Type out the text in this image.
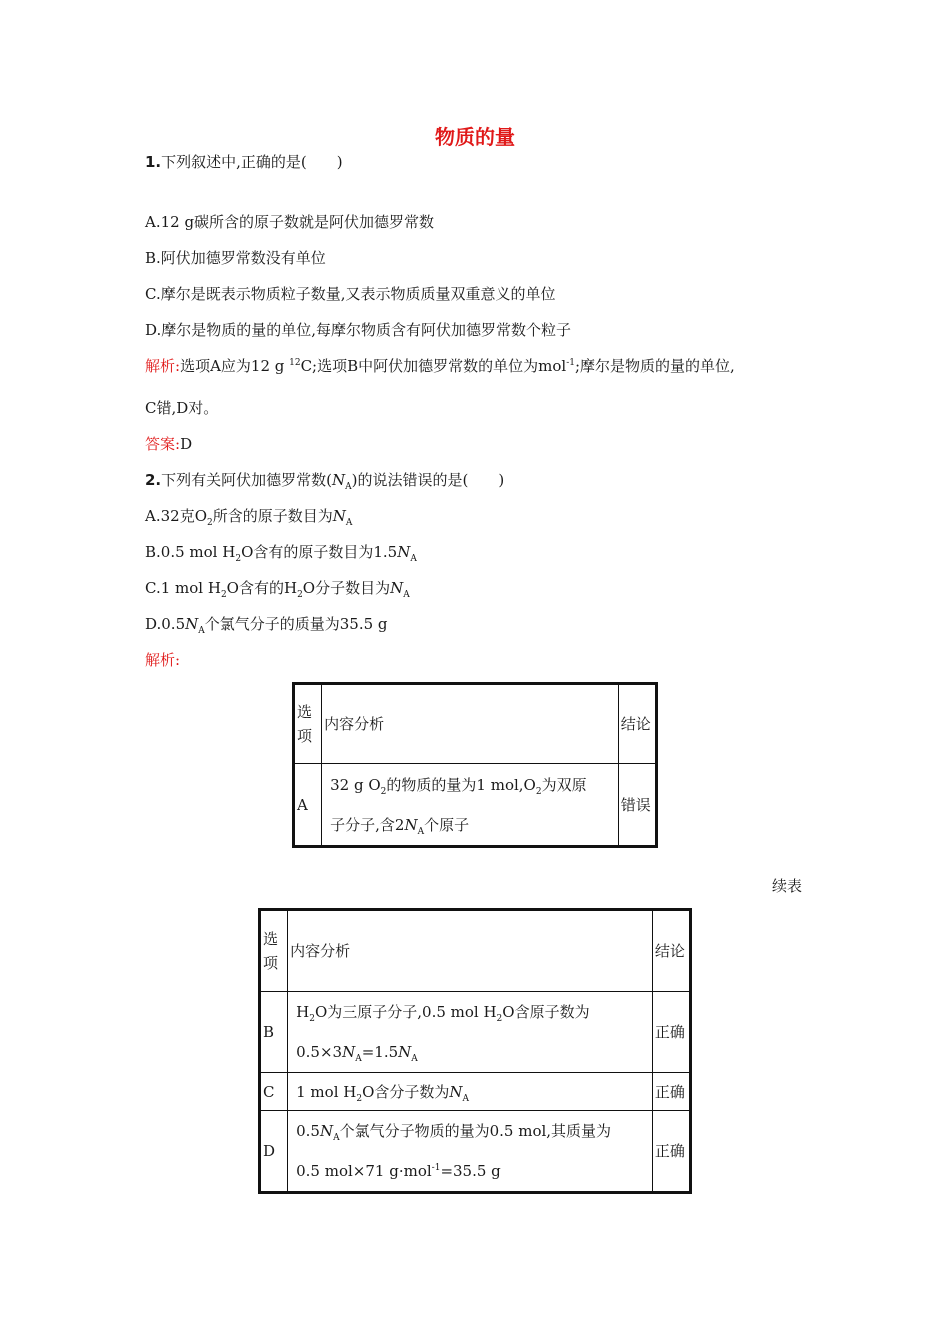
物质的量
1.下列叙述中,正确的是(　　)
A.12 g碳所含的原子数就是阿伏加德罗常数
B.阿伏加德罗常数没有单位
C.摩尔是既表示物质粒子数量,又表示物质质量双重意义的单位
D.摩尔是物质的量的单位,每摩尔物质含有阿伏加德罗常数个粒子
解析:选项A应为12 g $^{12}$C;选项B中阿伏加德罗常数的单位为mol$^{-1}$;摩尔是物质的量的单位,
C错,D对。
答案:D
2.下列有关阿伏加德罗常数$(N_A)$的说法错误的是(　　)
A.32克$O_2$所含的原子数目为$N_A$
B.0.5 mol $H_2O$含有的原子数目为$1.5N_A$
C.1 mol $H_2O$含有的$H_2O$分子数目为$N_A$
$D.0.5N_A$个氯气分子的质量为35.5 g
解析:
选
项	内容分析	结论
A	32 g $O_2$的物质的量为1 $mol,O_2$为双原
子分子,含$2N_A$个原子	错误
续表
选
项	内容分析	结论
B	$H_2O$为三原子分子,0.5 mol $H_2O$含原子数为
$0.5\times 3N_A=1.5N_A$	正确
C	1 mol $H_2O$含分子数为$N_A$	正确
D	$0.5N_A$个氯气分子物质的量为0.5 mol,其质量为
0.5 mol×71 g·mol$^{-1}$=35.5 g	正确
